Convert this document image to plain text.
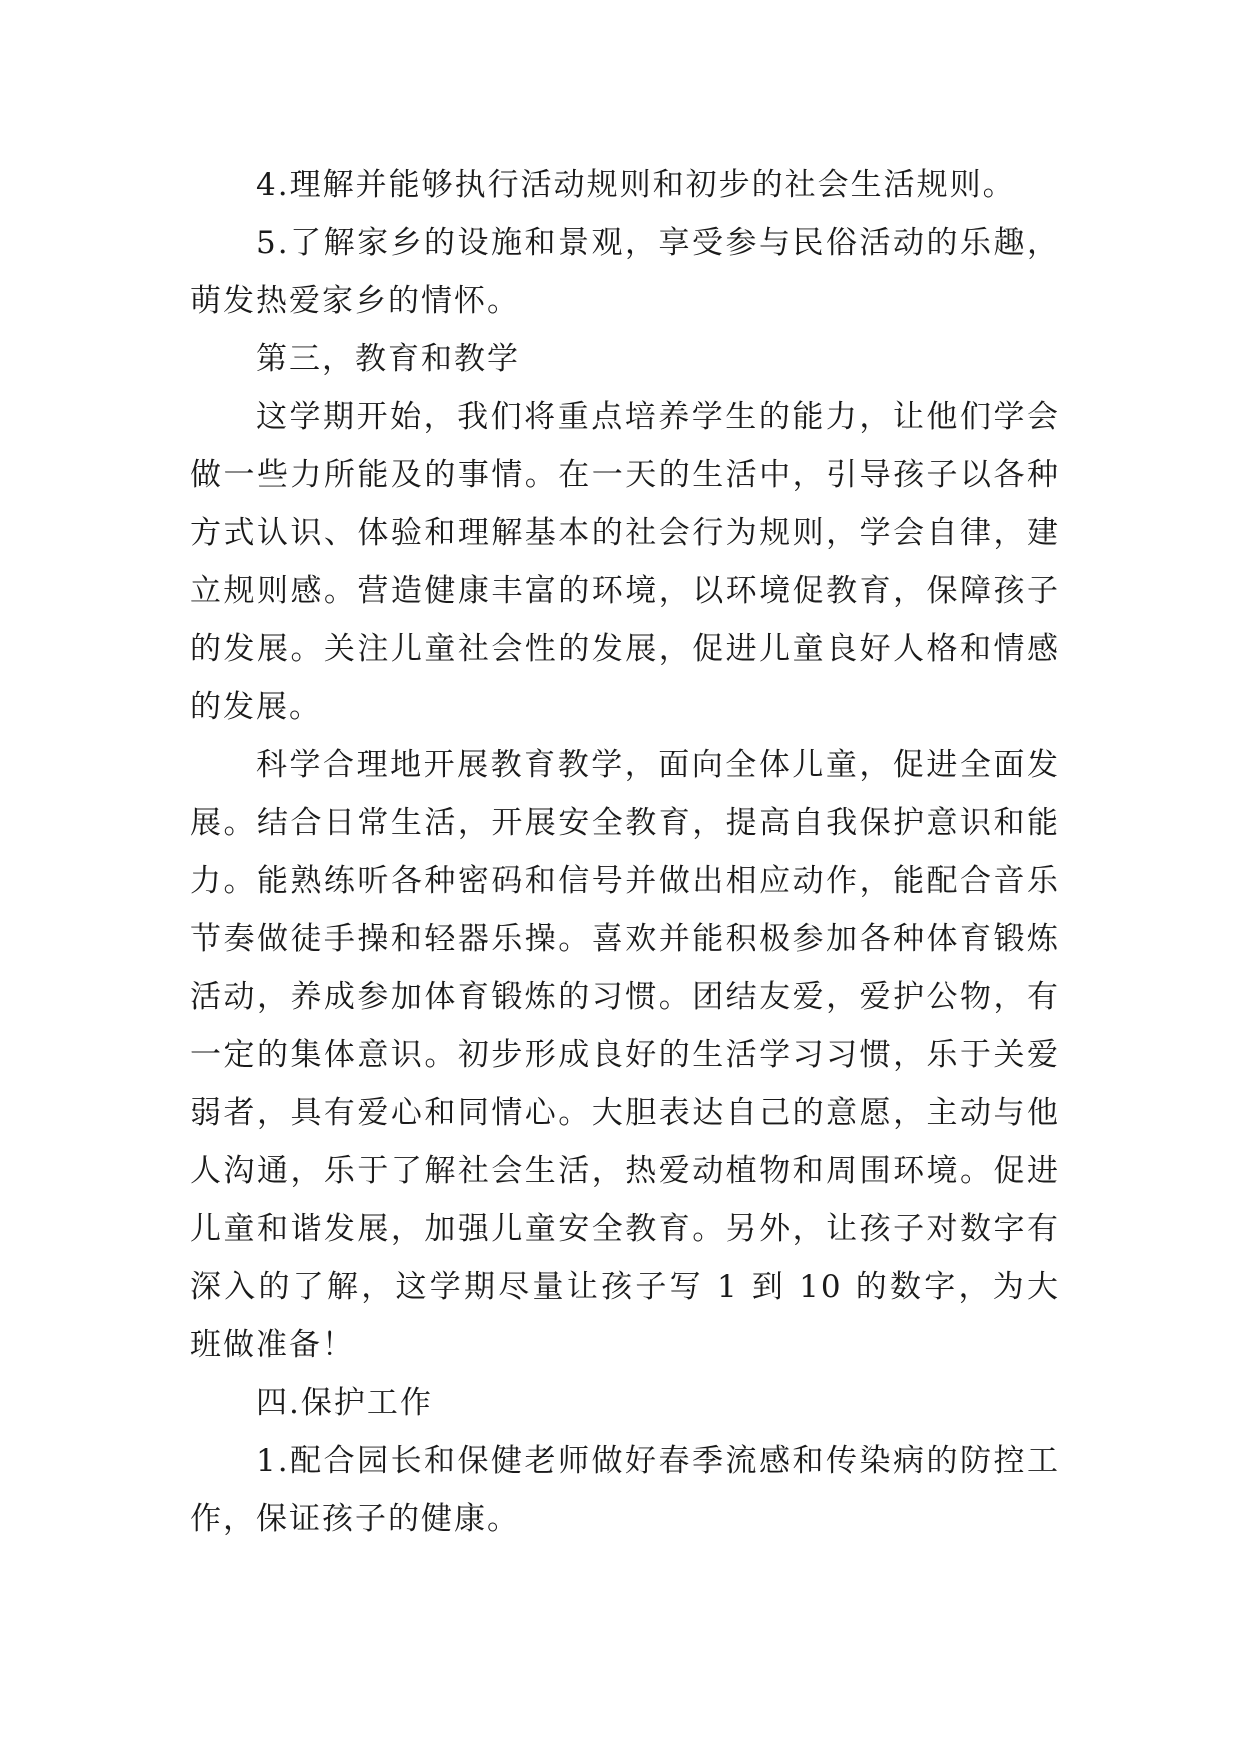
4.理解并能够执行活动规则和初步的社会生活规则。

5.了解家乡的设施和景观，享受参与民俗活动的乐趣，萌发热爱家乡的情怀。

第三，教育和教学

这学期开始，我们将重点培养学生的能力，让他们学会做一些力所能及的事情。在一天的生活中，引导孩子以各种方式认识、体验和理解基本的社会行为规则，学会自律，建立规则感。营造健康丰富的环境，以环境促教育，保障孩子的发展。关注儿童社会性的发展，促进儿童良好人格和情感的发展。

科学合理地开展教育教学，面向全体儿童，促进全面发展。结合日常生活，开展安全教育，提高自我保护意识和能力。能熟练听各种密码和信号并做出相应动作，能配合音乐节奏做徒手操和轻器乐操。喜欢并能积极参加各种体育锻炼活动，养成参加体育锻炼的习惯。团结友爱，爱护公物，有一定的集体意识。初步形成良好的生活学习习惯，乐于关爱弱者，具有爱心和同情心。大胆表达自己的意愿，主动与他人沟通，乐于了解社会生活，热爱动植物和周围环境。促进儿童和谐发展，加强儿童安全教育。另外，让孩子对数字有深入的了解，这学期尽量让孩子写 1 到 10 的数字，为大班做准备！

四.保护工作

1.配合园长和保健老师做好春季流感和传染病的防控工作，保证孩子的健康。
